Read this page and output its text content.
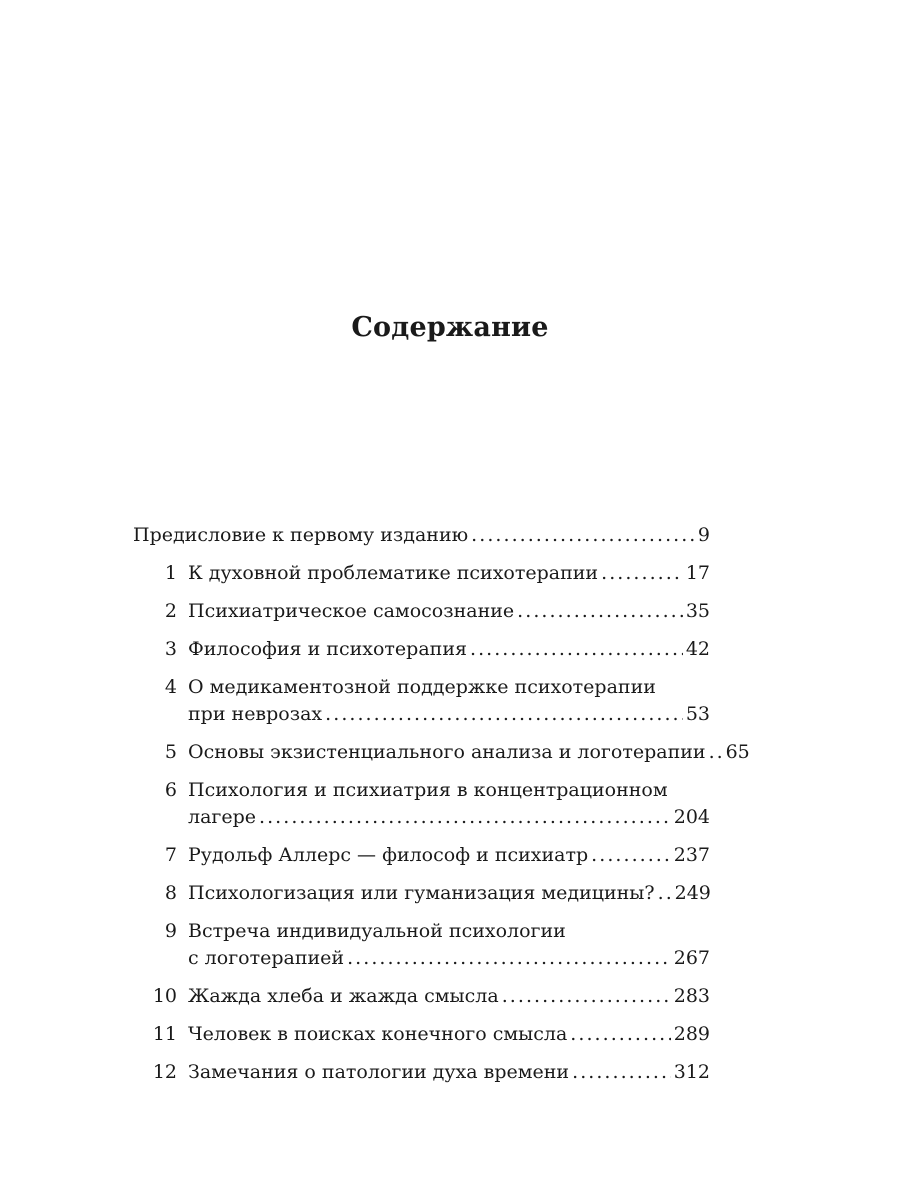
Содержание
Предисловие к первому изданию . . .	9
1 К духовной проблематике психотерапии . . .	17
2 Психиатрическое самосознание . . .	35
3 Философия и психотерапия . . .	42
4 О медикаментозной поддержке психотерапии
при неврозах . . .	53
5 Основы экзистенциального анализа и логотерапии . . . 65
6 Психология и психиатрия в концентрационном
лагере . . .	204
7 Рудольф Аллерс — философ и психиатр . . .	237
8 Психологизация или гуманизация медицины? . . . 249
9 Встреча индивидуальной психологии
с логотерапией . . .	267
10 Жажда хлеба и жажда смысла . . .	283
11 Человек в поисках конечного смысла . . .	289
12 Замечания о патологии духа времени . . .	312
